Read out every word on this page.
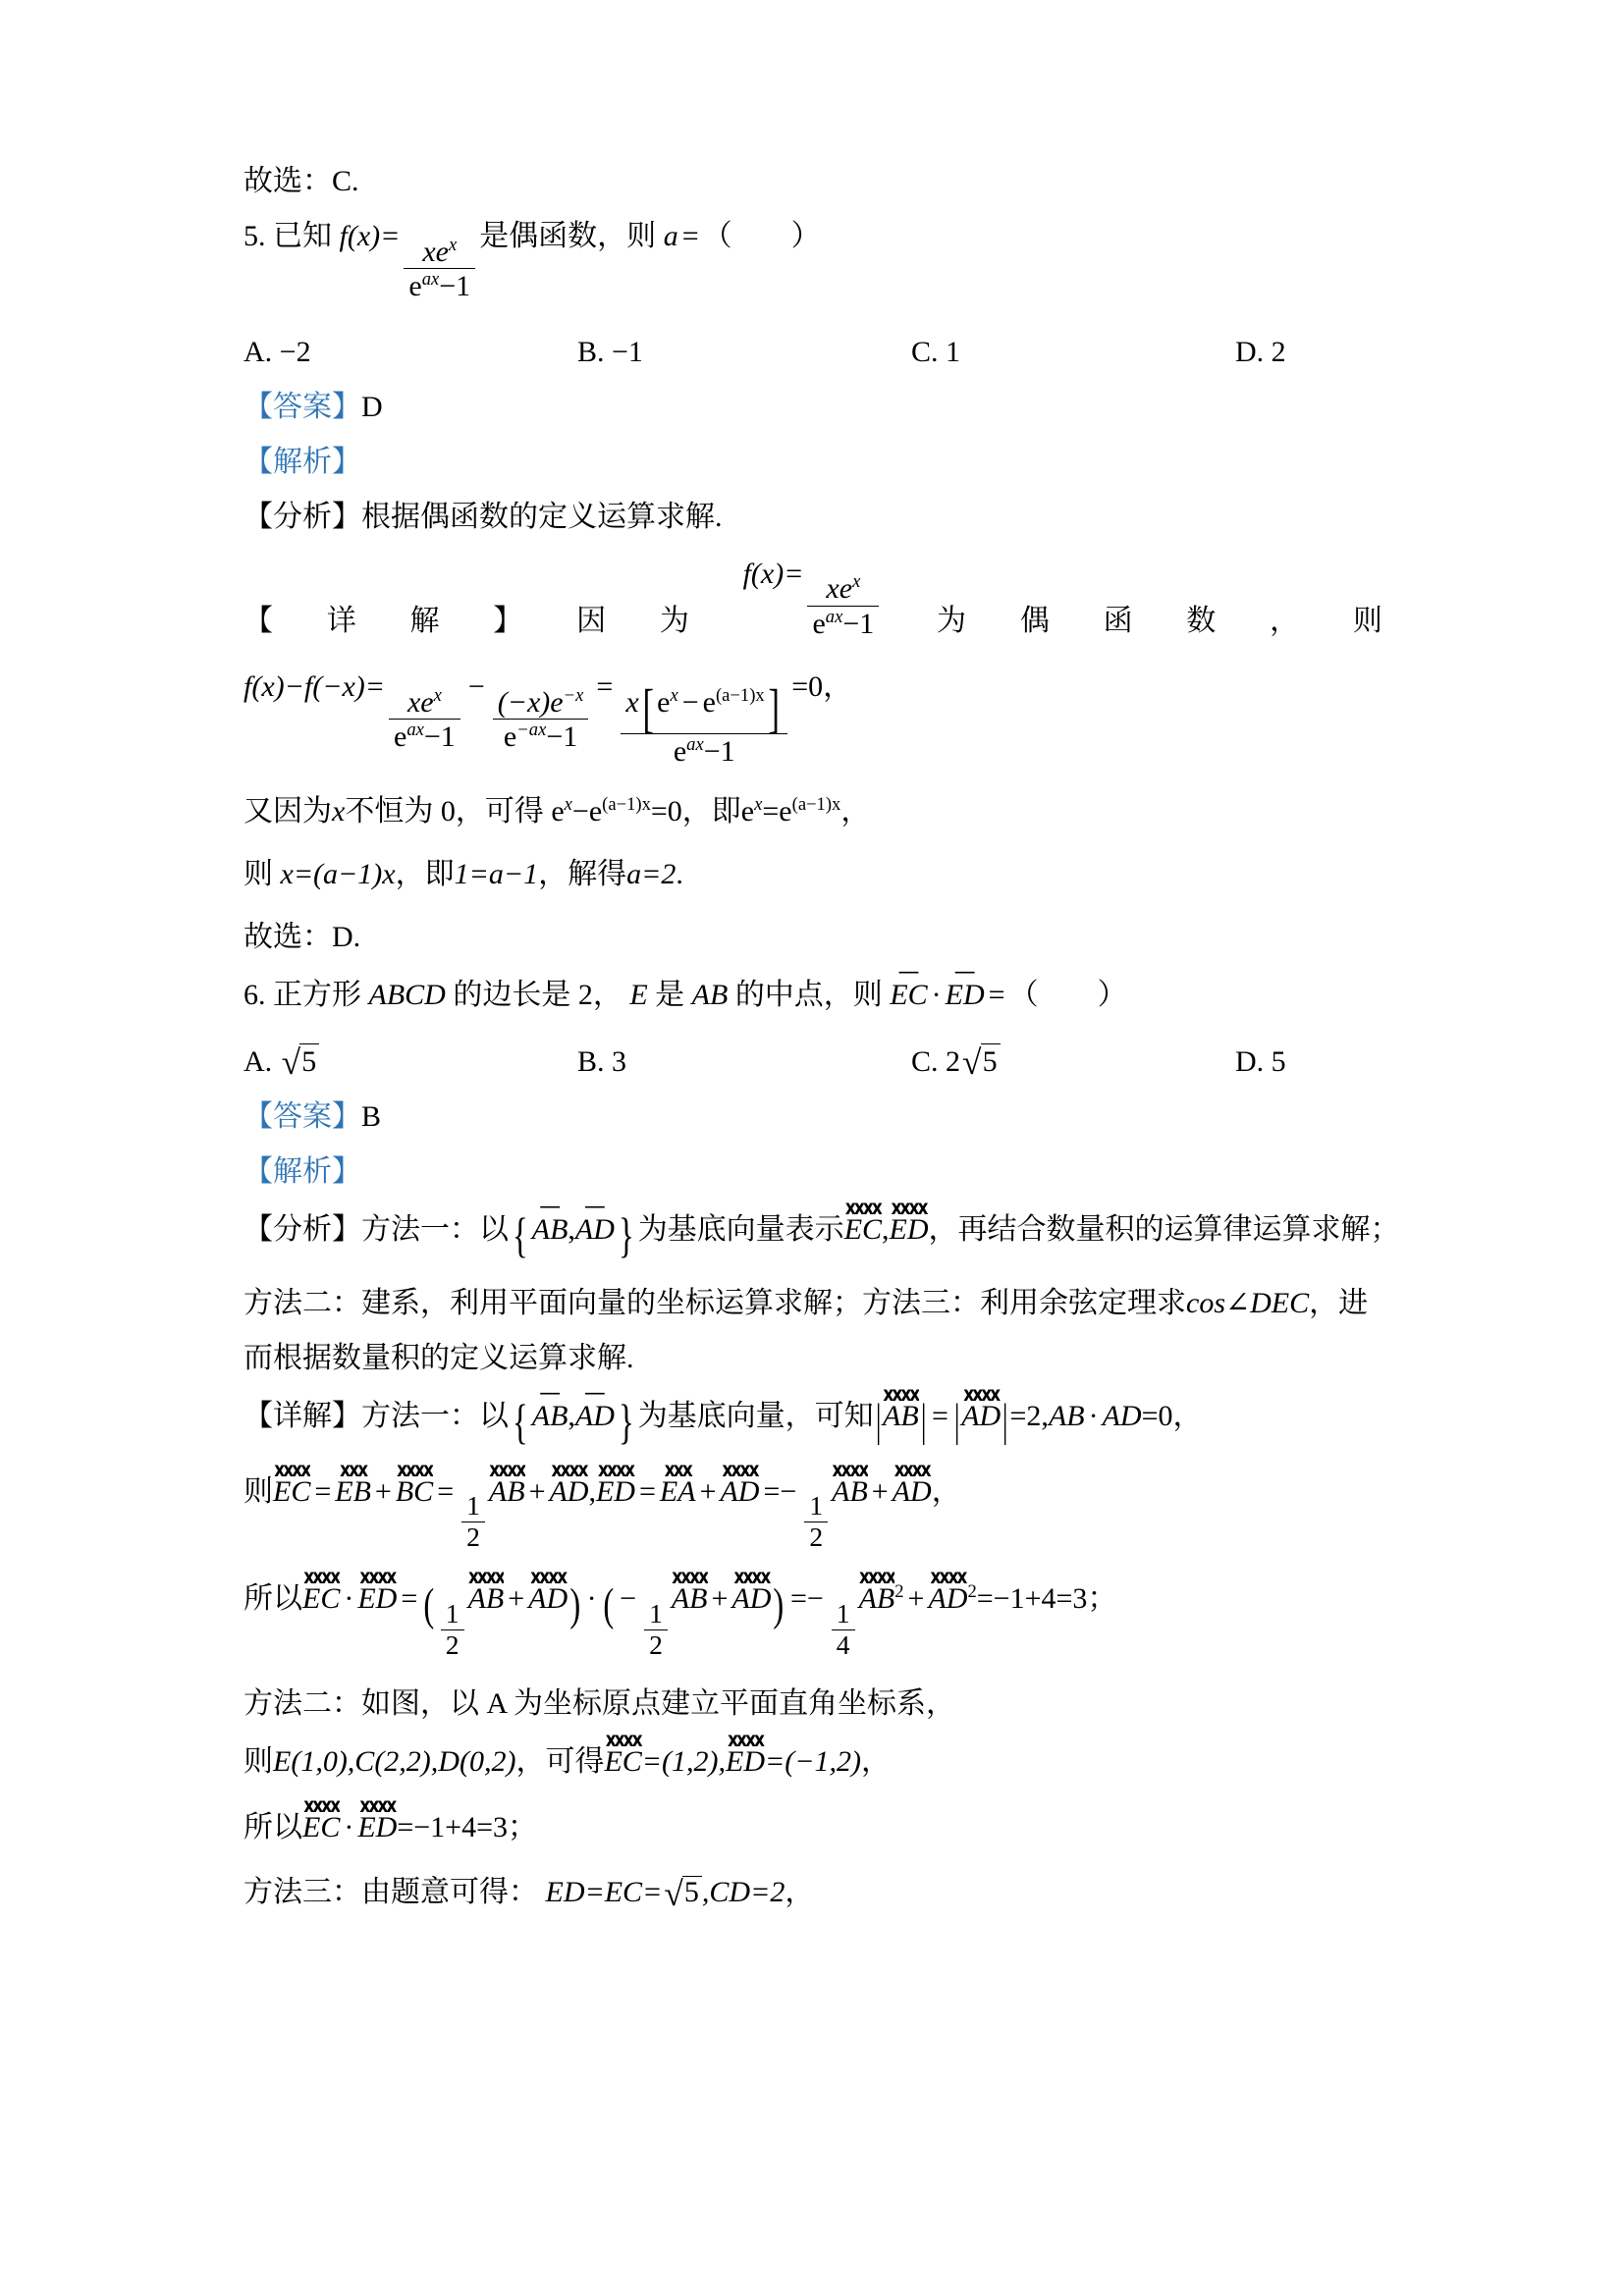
故选：C.
5. 已知 $f(x)= \frac{xe^x}{e^{ax}-1}$ 是偶函数，则 a = （　　）
A. −2	B. −1	C. 1	D. 2
【答案】D
【解析】
【分析】根据偶函数的定义运算求解.
【 详 解 】 因 为
$f(x)= \frac{xe^x}{e^{ax}-1}$ 为 偶 函 数 ， 则
$f(x)-f(-x)= \frac{xe^x}{e^{ax}-1} - \frac{(-x)e^{-x}}{e^{-ax}-1} = \frac{x[ e^x - e^{(a-1)x}]}{e^{ax}-1} =0$，
又因为x不恒为 0，可得 $e^x-e^{(a-1)x}=0$，即$e^x=e^{(a-1)x}$，
则 x=(a−1)x，即1=a−1，解得a=2.
故选：D.
6. 正方形 ABCD 的边长是 2， E 是 AB 的中点，则
—
EC ·
—
ED = （　　）
A. √ 5	B. 3	C. 2 √ 5	D. 5
【答案】B
【解析】
【分析】方法一：以{
—
AB,
—
AD} 为基底向量表示
xxxx
EC,
xxxx
ED，再结合数量积的运算律运算求解；
方法二：建系，利用平面向量的坐标运算求解；方法三：利用余弦定理求cos∠DEC，进
而根据数量积的定义运算求解.
【详解】方法一：以{
—
AB,
—
AD} 为基底向量，可知|
xxxx
AB| = |
xxxx
AD|=2,AB · AD=0，
则
xxxx
EC =
xxx
EB +
xxxx
BC =
$\frac{1}{2}$
xxxx
AB +
xxxx
AD,
xxxx
ED =
xxx
EA +
xxxx
AD =−
$\frac{1}{2}$
xxxx
AB +
xxxx
AD，
所以
xxxx
EC ·
xxxx
ED = ( $\frac{1}{2}$
xxxx
AB +
xxxx
AD) · ( −
$\frac{1}{2}$
xxxx
AB +
xxxx
AD) =−
$\frac{1}{4}$
xxxx
$AB^2$ +
xxxx
$AD^2=-1+4=3$；
方法二：如图，以 A 为坐标原点建立平面直角坐标系，
则E(1,0),C(2,2),D(0,2)，可得
xxxx
EC=(1,2),
xxxx
ED=(−1,2)，
所以
xxxx
EC ·
xxxx
ED=−1+4=3；
方法三：由题意可得： ED=EC= √ 5 ,CD=2，
